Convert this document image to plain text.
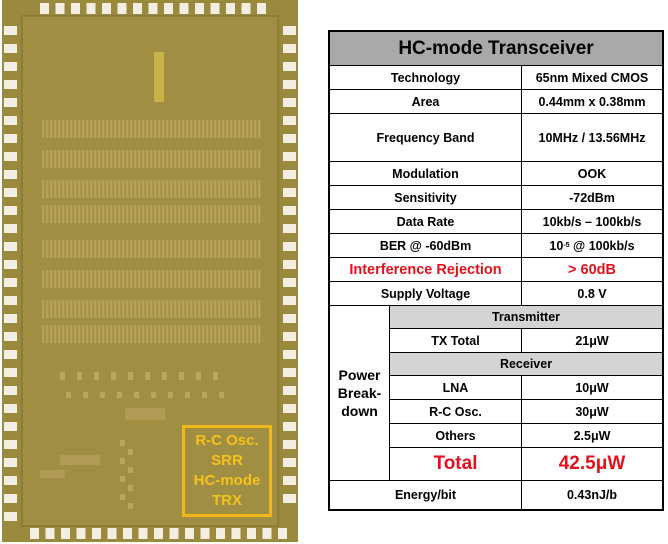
R-C Osc.
SRR
HC-mode
TRX
HC-mode Transceiver
Technology	65nm Mixed CMOS
Area	0.44mm x 0.38mm
Frequency Band	10MHz / 13.56MHz
Modulation	OOK
Sensitivity	-72dBm
Data Rate	10kb/s – 100kb/s
BER @ -60dBm	10 -5 @ 100kb/s
Interference Rejection	> 60dB
Supply Voltage	0.8 V
Power
Break-
down
Transmitter
TX Total	21μW
Receiver
LNA	10μW
R-C Osc.	30μW
Others	2.5μW
Total	42.5μW
Energy/bit	0.43nJ/b
